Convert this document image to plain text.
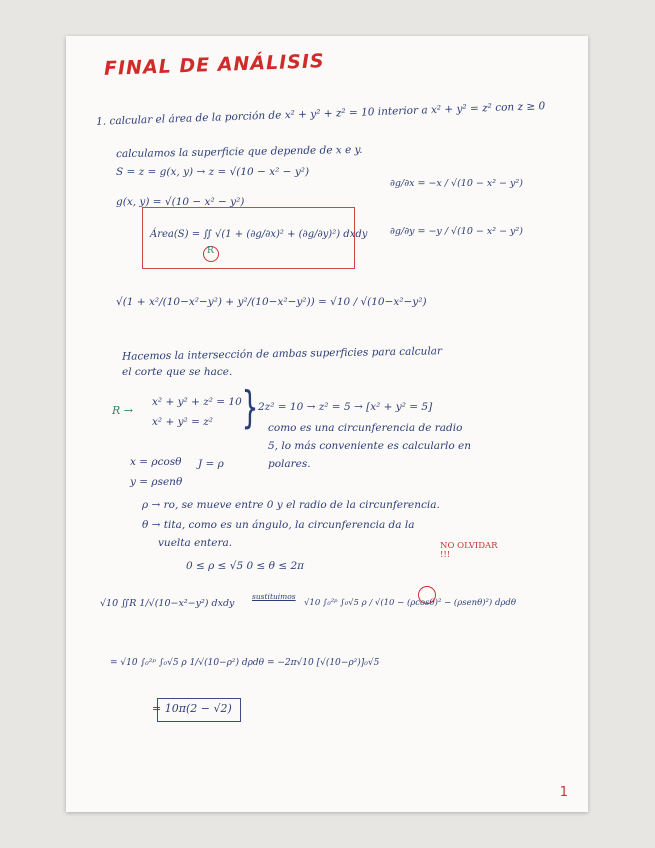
FINAL DE ANÁLISIS
1. calcular el área de la porción de x² + y² + z² = 10 interior a x² + y² = z² con z ≥ 0
calculamos la superficie que depende de x e y.
S = z = g(x, y) → z = √(10 − x² − y²)
g(x, y) = √(10 − x² − y²)
∂g/∂x = −x / √(10 − x² − y²)
∂g/∂y = −y / √(10 − x² − y²)
Área(S) = ∬ √(1 + (∂g/∂x)² + (∂g/∂y)²) dxdy
R
√(1 + x²/(10−x²−y²) + y²/(10−x²−y²)) = √10 / √(10−x²−y²)
Hacemos la intersección de ambas superficies para calcular
el corte que se hace.
R →
x² + y² + z² = 10
x² + y² = z² } 2z² = 10 → z² = 5 → [x² + y² = 5]
como es una circunferencia de radio
5, lo más conveniente es calcularlo en
polares.
x = ρcosθ
y = ρsenθ
J = ρ
ρ → ro, se mueve entre 0 y el radio de la circunferencia.
θ → tita, como es un ángulo, la circunferencia da la
vuelta entera.
0 ≤ ρ ≤ √5 0 ≤ θ ≤ 2π
NO OLVIDAR !!!
√10 ∬R 1/√(10−x²−y²) dxdy
sustituimos
√10 ∫₀²ᵖ ∫₀√5 ρ / √(10 − (ρcosθ)² − (ρsenθ)²) dρdθ
= √10 ∫₀²ᵖ ∫₀√5 ρ 1/√(10−ρ²) dρdθ = −2π√10 [√(10−ρ²)]₀√5
= 10π(2 − √2)
1
